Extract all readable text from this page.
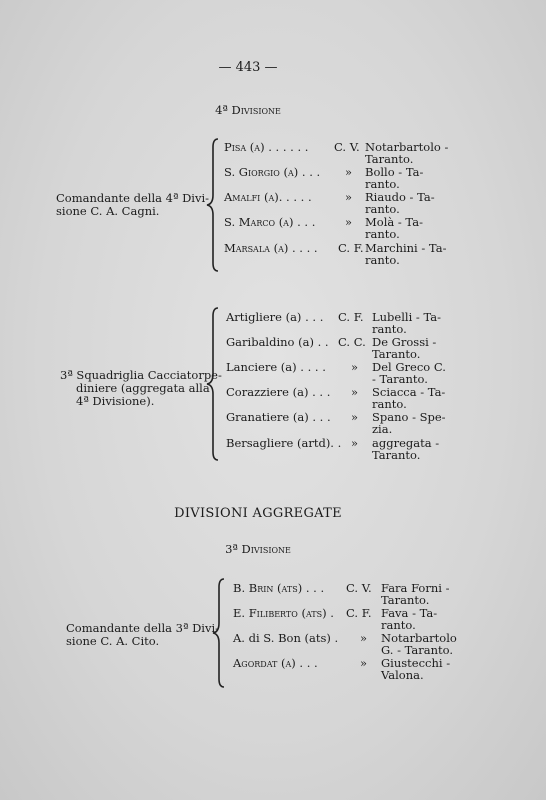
— 443 —
4ª Divisione
Comandante della 4ª Divi-
sione C. A. Cagni.
Pisa (a) . . . . . . C. V. Notarbartolo -
Taranto.
S. Giorgio (a) . . . » Bollo - Ta-
ranto.
Amalfi (a). . . . .	» Riaudo - Ta-
ranto.
S. Marco (a) . . .	» Molà - Ta-
ranto.
Marsala (a) . . . . C. F. Marchini - Ta-
ranto.
3ª Squadriglia Cacciatorpe-
diniere (aggregata alla
4ª Divisione).
Artigliere (a) . . . C. F. Lubelli - Ta-
ranto.
Garibaldino (a) . . C. C. De Grossi -
Taranto.
Lanciere (a) . . . . » Del Greco C.
- Taranto.
Corazziere (a) . . . » Sciacca - Ta-
ranto.
Granatiere (a) . . . » Spano - Spe-
zia.
Bersagliere (artd). . » aggregata -
Taranto.
DIVISIONI AGGREGATE
3ª Divisione
Comandante della 3ª Divi-
sione C. A. Cito.
B. Brin (ats) . . . C. V. Fara Forni -
Taranto.
E. Filiberto (ats) . C. F. Fava - Ta-
ranto.
A. di S. Bon (ats) . » Notarbartolo
G. - Taranto.
Agordat (a) . . .	» Giustecchi -
Valona.
